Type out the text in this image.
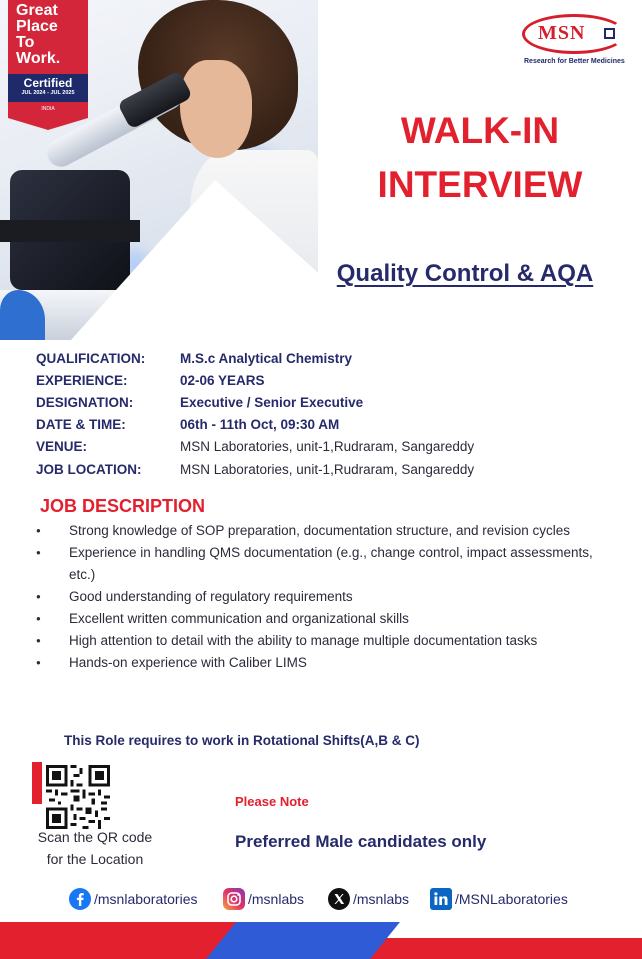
Great
Place
To
Work.
Certified
JUL 2024 - JUL 2025
INDIA
MSN
Research for Better Medicines
WALK-IN
INTERVIEW
Quality Control & AQA
QUALIFICATION:	M.S.c Analytical Chemistry
EXPERIENCE:	02-06 YEARS
DESIGNATION:	Executive / Senior Executive
DATE & TIME:	06th - 11th Oct, 09:30 AM
VENUE:	MSN Laboratories, unit-1,Rudraram, Sangareddy
JOB LOCATION:	MSN Laboratories, unit-1,Rudraram, Sangareddy
JOB DESCRIPTION
● Strong knowledge of SOP preparation, documentation structure, and revision cycles
● Experience in handling QMS documentation (e.g., change control, impact assessments, etc.)
● Good understanding of regulatory requirements
● Excellent written communication and organizational skills
● High attention to detail with the ability to manage multiple documentation tasks
● Hands-on experience with Caliber LIMS
This Role requires to work in Rotational Shifts(A,B & C)
Scan the QR code
for the Location
Please Note
Preferred Male candidates only
/msnlaboratories	/msnlabs	/msnlabs	/MSNLaboratories
